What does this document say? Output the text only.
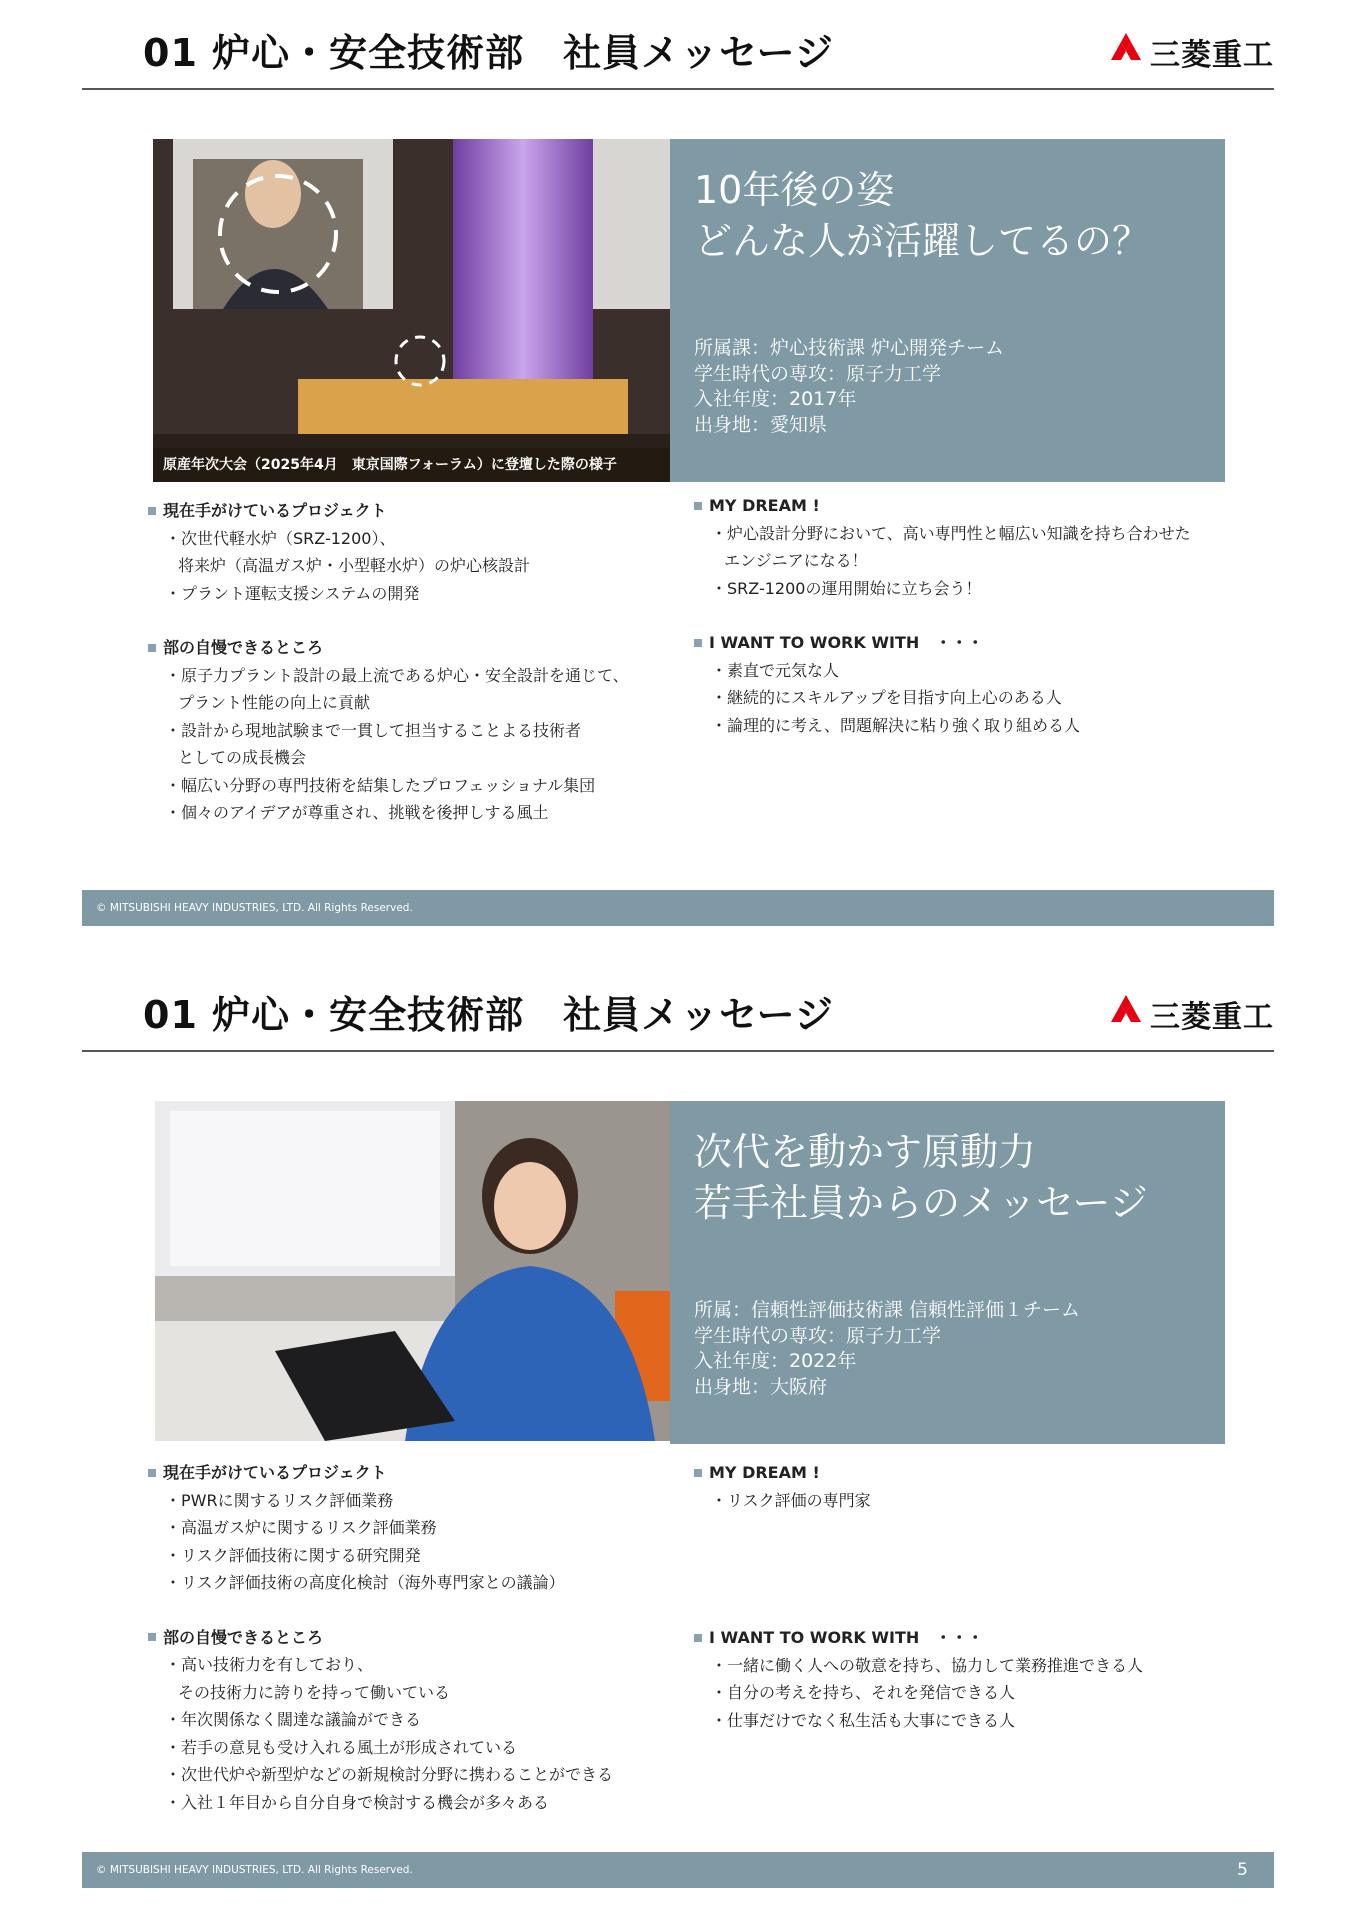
01 炉心・安全技術部　社員メッセージ	三菱重工
原産年次大会（2025年4月　東京国際フォーラム）に登壇した際の様子
10年後の姿
どんな人が活躍してるの？
所属課：炉心技術課 炉心開発チーム
学生時代の専攻：原子力工学
入社年度：2017年
出身地：愛知県
現在手がけているプロジェクト
・次世代軽水炉（SRZ-1200）、
将来炉（高温ガス炉・小型軽水炉）の炉心核設計
・プラント運転支援システムの開発
部の自慢できるところ
・原子力プラント設計の最上流である炉心・安全設計を通じて、
プラント性能の向上に貢献
・設計から現地試験まで一貫して担当することよる技術者
としての成長機会
・幅広い分野の専門技術を結集したプロフェッショナル集団
・個々のアイデアが尊重され、挑戦を後押しする風土
MY DREAM !
・炉心設計分野において、高い専門性と幅広い知識を持ち合わせた
エンジニアになる！
・SRZ-1200の運用開始に立ち会う！
I WANT TO WORK WITH　・・・
・素直で元気な人
・継続的にスキルアップを目指す向上心のある人
・論理的に考え、問題解決に粘り強く取り組める人
© MITSUBISHI HEAVY INDUSTRIES, LTD. All Rights Reserved.
01 炉心・安全技術部　社員メッセージ	三菱重工
次代を動かす原動力
若手社員からのメッセージ
所属：信頼性評価技術課 信頼性評価１チーム
学生時代の専攻：原子力工学
入社年度：2022年
出身地：大阪府
現在手がけているプロジェクト
・PWRに関するリスク評価業務
・高温ガス炉に関するリスク評価業務
・リスク評価技術に関する研究開発
・リスク評価技術の高度化検討（海外専門家との議論）
部の自慢できるところ
・高い技術力を有しており、
その技術力に誇りを持って働いている
・年次関係なく闊達な議論ができる
・若手の意見も受け入れる風土が形成されている
・次世代炉や新型炉などの新規検討分野に携わることができる
・入社１年目から自分自身で検討する機会が多々ある
MY DREAM !
・リスク評価の専門家
I WANT TO WORK WITH　・・・
・一緒に働く人への敬意を持ち、協力して業務推進できる人
・自分の考えを持ち、それを発信できる人
・仕事だけでなく私生活も大事にできる人
© MITSUBISHI HEAVY INDUSTRIES, LTD. All Rights Reserved.	5
